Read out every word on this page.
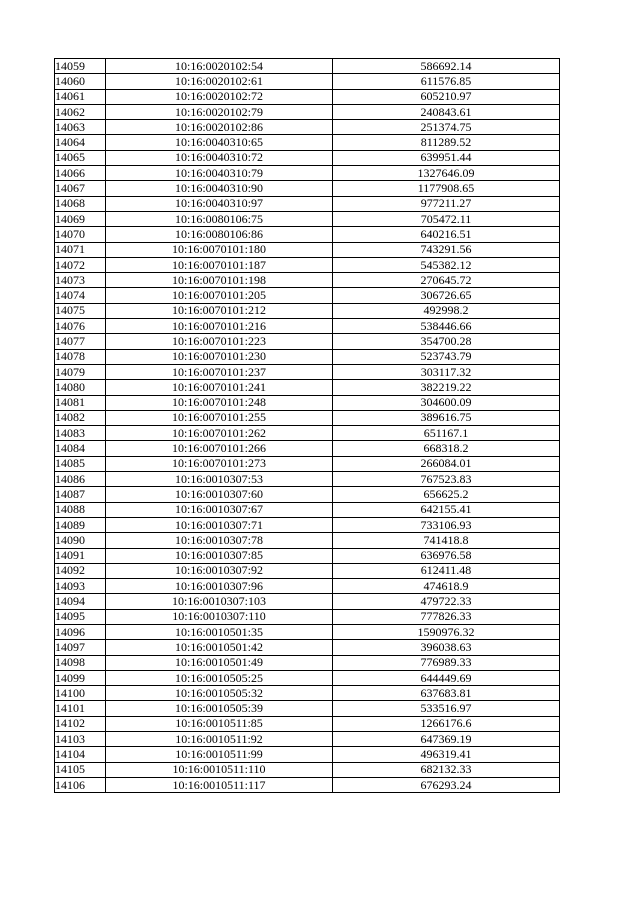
14059	10:16:0020102:54	586692.14
14060	10:16:0020102:61	611576.85
14061	10:16:0020102:72	605210.97
14062	10:16:0020102:79	240843.61
14063	10:16:0020102:86	251374.75
14064	10:16:0040310:65	811289.52
14065	10:16:0040310:72	639951.44
14066	10:16:0040310:79	1327646.09
14067	10:16:0040310:90	1177908.65
14068	10:16:0040310:97	977211.27
14069	10:16:0080106:75	705472.11
14070	10:16:0080106:86	640216.51
14071	10:16:0070101:180	743291.56
14072	10:16:0070101:187	545382.12
14073	10:16:0070101:198	270645.72
14074	10:16:0070101:205	306726.65
14075	10:16:0070101:212	492998.2
14076	10:16:0070101:216	538446.66
14077	10:16:0070101:223	354700.28
14078	10:16:0070101:230	523743.79
14079	10:16:0070101:237	303117.32
14080	10:16:0070101:241	382219.22
14081	10:16:0070101:248	304600.09
14082	10:16:0070101:255	389616.75
14083	10:16:0070101:262	651167.1
14084	10:16:0070101:266	668318.2
14085	10:16:0070101:273	266084.01
14086	10:16:0010307:53	767523.83
14087	10:16:0010307:60	656625.2
14088	10:16:0010307:67	642155.41
14089	10:16:0010307:71	733106.93
14090	10:16:0010307:78	741418.8
14091	10:16:0010307:85	636976.58
14092	10:16:0010307:92	612411.48
14093	10:16:0010307:96	474618.9
14094	10:16:0010307:103	479722.33
14095	10:16:0010307:110	777826.33
14096	10:16:0010501:35	1590976.32
14097	10:16:0010501:42	396038.63
14098	10:16:0010501:49	776989.33
14099	10:16:0010505:25	644449.69
14100	10:16:0010505:32	637683.81
14101	10:16:0010505:39	533516.97
14102	10:16:0010511:85	1266176.6
14103	10:16:0010511:92	647369.19
14104	10:16:0010511:99	496319.41
14105	10:16:0010511:110	682132.33
14106	10:16:0010511:117	676293.24
